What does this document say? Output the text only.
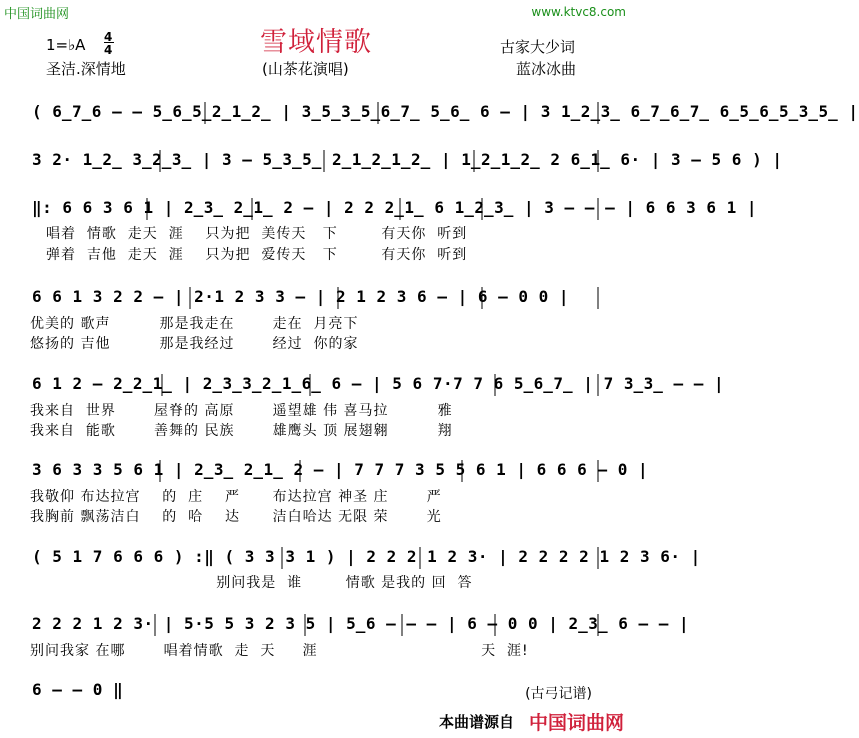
中国词曲网	www.ktvc8.com
雪域情歌
1=♭A 4
4	古家大少词
圣洁.深情地	(山茶花演唱)	蓝冰冰曲
( 6̲7̲6 – – 5̲6̲5̲2̲1̲2̲ | 3̲5̲3̲5̲6̲7̲ 5̲6̲ 6 – | 3 1̲2̲3̲ 6̲7̲6̲7̲ 6̲5̲6̲5̲3̲5̲ |
3 2· 1̲2̲ 3̲2̲3̲ | 3 – 5̲3̲5̲ 2̲1̲2̲1̲2̲ | 1̲2̲1̲2̲ 2 6̲1̲ 6· | 3 – 5 6 ) |
‖: 6 6 3 6 1 | 2̲3̲ 2̲1̲ 2 – | 2 2 2̲1̲ 6 1̲2̲3̲ | 3 – – – | 6 6 3 6 1 |
唱着  情歌  走天  涯    只为把  美传天   下        有天你  听到
弹着  吉他  走天  涯    只为把  爱传天   下        有天你  听到
6 6 1 3 2 2 – | 2·1 2 3 3 – | 2 1 2 3 6 – | 6 – 0 0 |
优美的 歌声         那是我走在       走在  月亮下
悠扬的 吉他         那是我经过       经过  你的家
6 1 2 – 2̲2̲1̲ | 2̲3̲3̲2̲1̲6̲ 6 – | 5 6 7·7 7 6 5̲6̲7̲ | 7 3̲3̲ – – |
我来自  世界       屋脊的 高原       遥望雄 伟 喜马拉         雅
我来自  能歌       善舞的 民族       雄鹰头 顶 展翅翱         翔
3 6 3 3 5 6 1 | 2̲3̲ 2̲1̲ 2 – | 7 7 7 3 5 5 6 1 | 6 6 6 – 0 |
我敬仰 布达拉宫    的  庄    严      布达拉宫 神圣 庄       严
我胸前 飘荡洁白    的  哈    达      洁白哈达 无限 荣       光
( 5 1 7 6 6 6 ) :‖ ( 3 3 3 1 ) | 2 2 2 1 2 3· | 2 2 2 2 1 2 3 6· |
别问我是  谁        情歌 是我的 回  答
2 2 2 1 2 3· | 5·5 5 3 2 3 5 | 5̲6 – – – | 6 – 0 0 | 2̲3̲ 6 – – |
别问我家 在哪       唱着情歌  走  天     涯                              天  涯!
6 – – 0 ‖	(古弓记谱)
本曲谱源自 中国词曲网
